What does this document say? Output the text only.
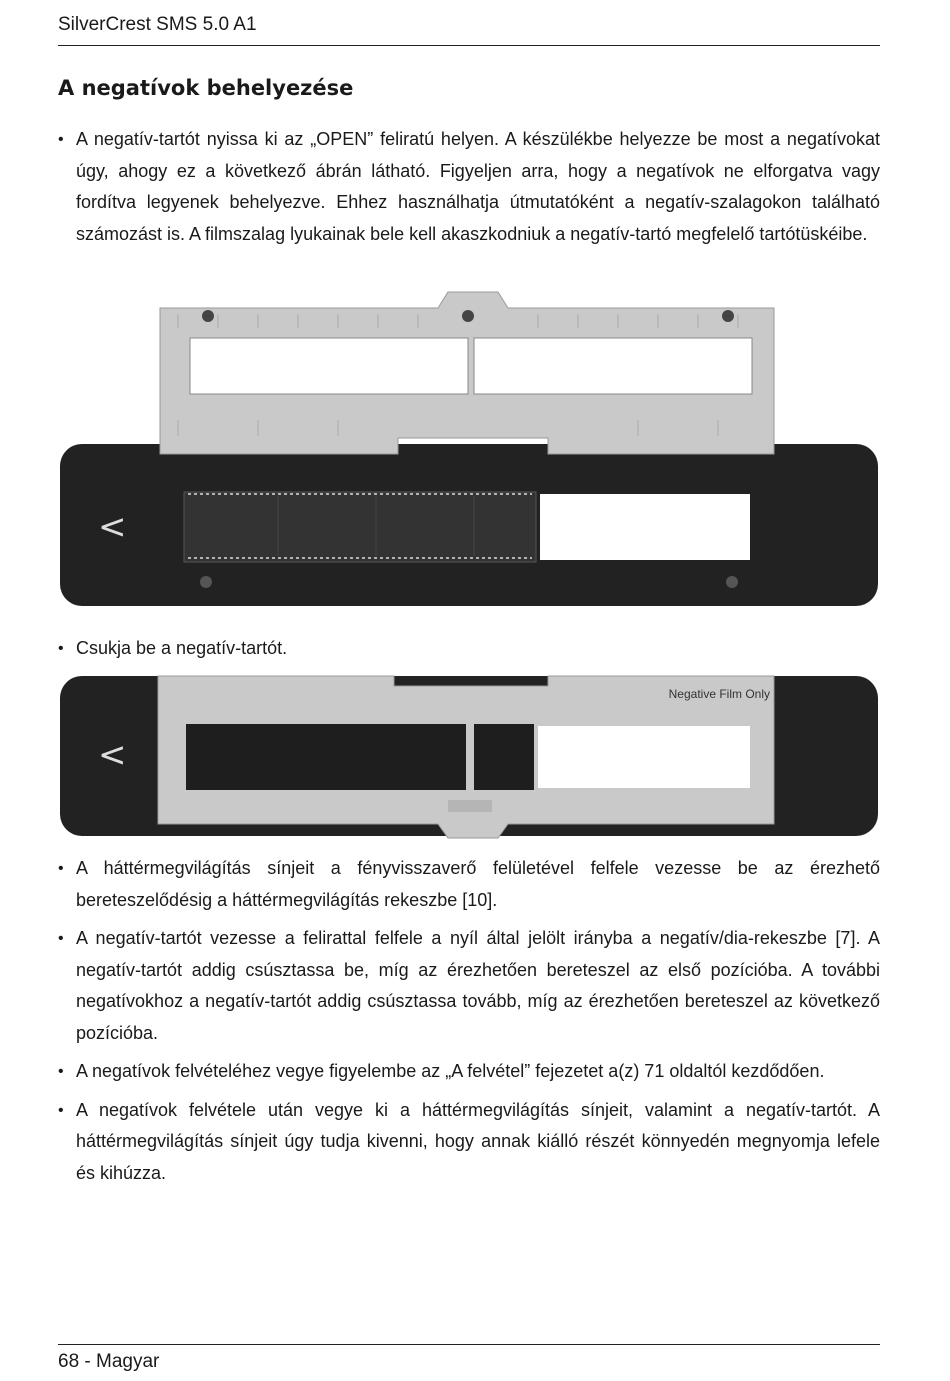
SilverCrest SMS 5.0 A1
A negatívok behelyezése

• A negatív-tartót nyissa ki az „OPEN” feliratú helyen. A készülékbe helyezze be most a negatívokat úgy, ahogy ez a következő ábrán látható. Figyeljen arra, hogy a negatívok ne elforgatva vagy fordítva legyenek behelyezve. Ehhez használhatja útmutatóként a negatív-szalagokon található számozást is. A filmszalag lyukainak bele kell akaszkodniuk a negatív-tartó megfelelő tartótüskéibe.

<

• Csukja be a negatív-tartót.

Negative Film Only
<

• A háttérmegvilágítás sínjeit a fényvisszaverő felületével felfele vezesse be az érezhető bereteszelődésig a háttérmegvilágítás rekeszbe [10].

• A negatív-tartót vezesse a felirattal felfele a nyíl által jelölt irányba a negatív/dia-rekeszbe [7]. A negatív-tartót addig csúsztassa be, míg az érezhetően bereteszel az első pozícióba. A további negatívokhoz a negatív-tartót addig csúsztassa tovább, míg az érezhetően bereteszel az következő pozícióba.

• A negatívok felvételéhez vegye figyelembe az „A felvétel” fejezetet a(z) 71 oldaltól kezdődően.

• A negatívok felvétele után vegye ki a háttérmegvilágítás sínjeit, valamint a negatív-tartót. A háttérmegvilágítás sínjeit úgy tudja kivenni, hogy annak kiálló részét könnyedén megnyomja lefele és kihúzza.

68 - Magyar
